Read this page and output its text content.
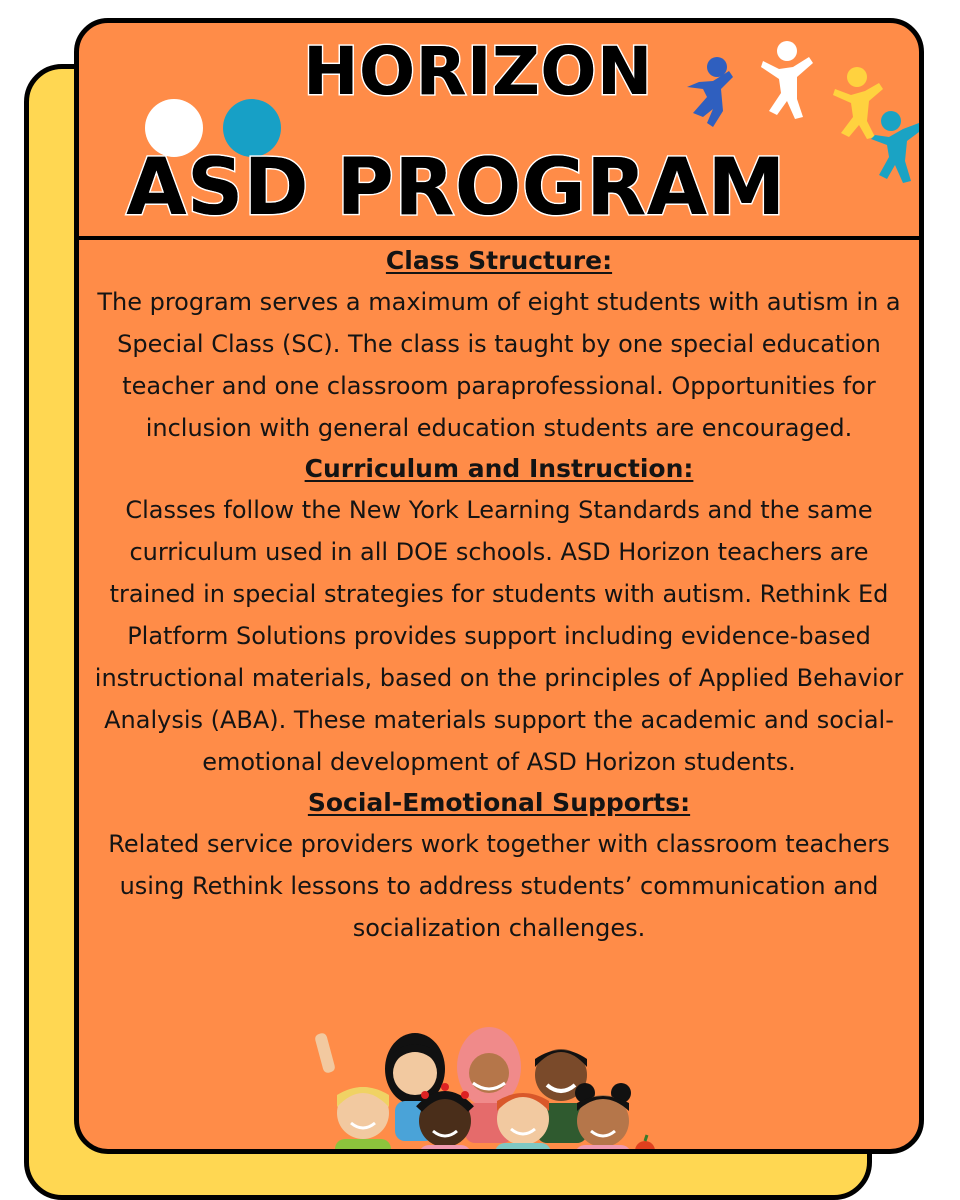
HORIZON
ASD PROGRAM
Class Structure:
The program serves a maximum of eight students with autism in a Special Class (SC). The class is taught by one special education teacher and one classroom paraprofessional. Opportunities for inclusion with general education students are encouraged.
Curriculum and Instruction:
Classes follow the New York Learning Standards and the same curriculum used in all DOE schools. ASD Horizon teachers are trained in special strategies for students with autism. Rethink Ed Platform Solutions provides support including evidence-based instructional materials, based on the principles of Applied Behavior Analysis (ABA). These materials support the academic and social-emotional development of ASD Horizon students.
Social-Emotional Supports:
Related service providers work together with classroom teachers using Rethink lessons to address students’ communication and socialization challenges.
